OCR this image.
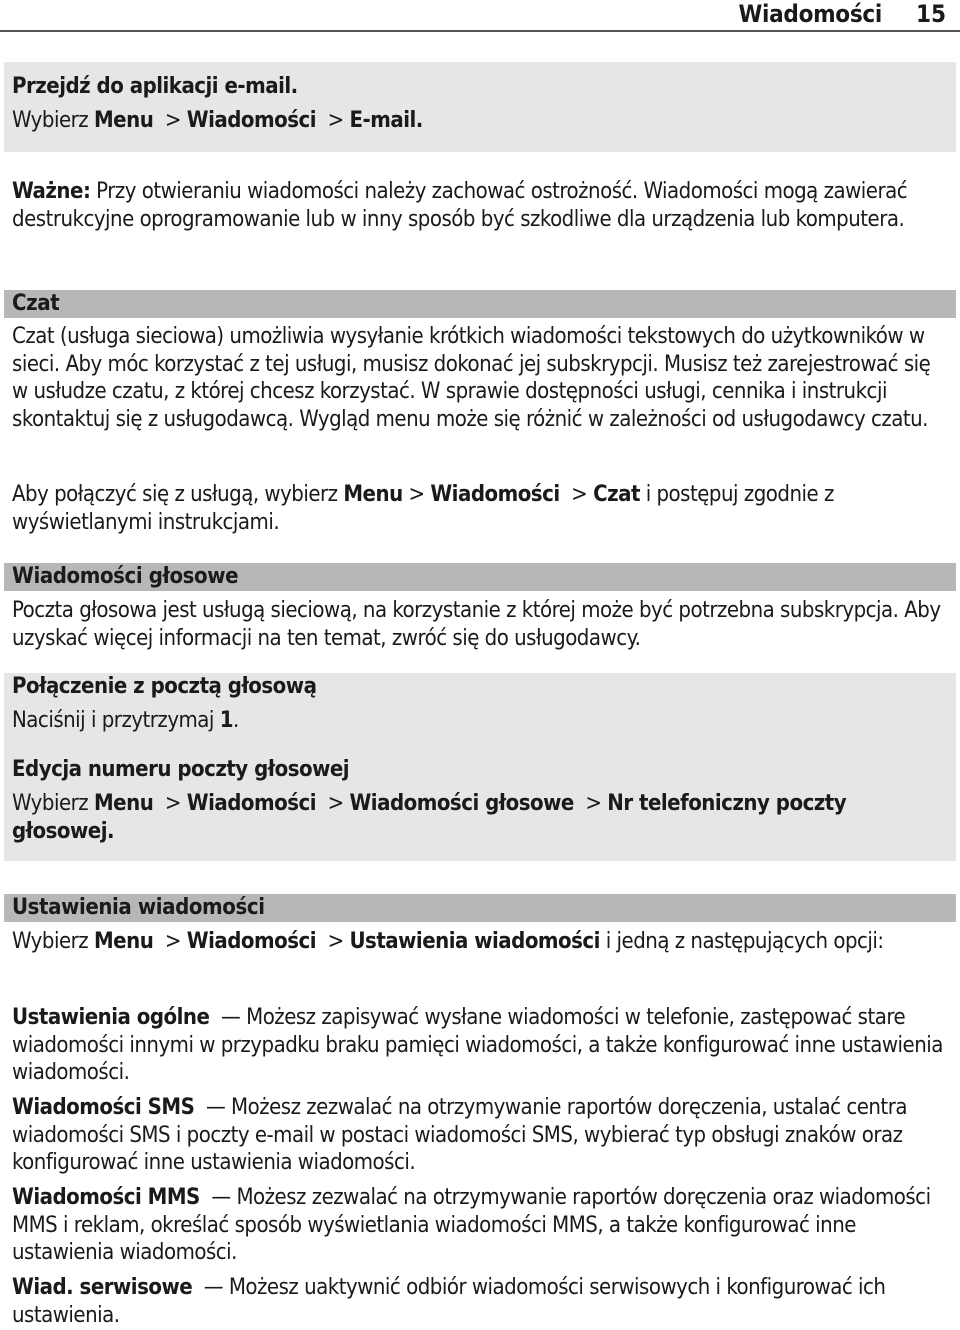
Wiadomości 15

Przejdź do aplikacji e-mail.

Wybierz Menu  > Wiadomości  > E-mail.

Ważne: Przy otwieraniu wiadomości należy zachować ostrożność. Wiadomości mogą zawierać destrukcyjne oprogramowanie lub w inny sposób być szkodliwe dla urządzenia lub komputera.

Czat

Czat (usługa sieciowa) umożliwia wysyłanie krótkich wiadomości tekstowych do użytkowników w sieci. Aby móc korzystać z tej usługi, musisz dokonać jej subskrypcji. Musisz też zarejestrować się w usłudze czatu, z której chcesz korzystać. W sprawie dostępności usługi, cennika i instrukcji skontaktuj się z usługodawcą. Wygląd menu może się różnić w zależności od usługodawcy czatu.

Aby połączyć się z usługą, wybierz Menu > Wiadomości  > Czat i postępuj zgodnie z wyświetlanymi instrukcjami.

Wiadomości głosowe

Poczta głosowa jest usługą sieciową, na korzystanie z której może być potrzebna subskrypcja. Aby uzyskać więcej informacji na ten temat, zwróć się do usługodawcy.

Połączenie z pocztą głosową

Naciśnij i przytrzymaj 1.

Edycja numeru poczty głosowej

Wybierz Menu  > Wiadomości  > Wiadomości głosowe  > Nr telefoniczny poczty głosowej.

Ustawienia wiadomości

Wybierz Menu  > Wiadomości  > Ustawienia wiadomości i jedną z następujących opcji:

Ustawienia ogólne  — Możesz zapisywać wysłane wiadomości w telefonie, zastępować stare wiadomości innymi w przypadku braku pamięci wiadomości, a także konfigurować inne ustawienia wiadomości.

Wiadomości SMS  — Możesz zezwalać na otrzymywanie raportów doręczenia, ustalać centra wiadomości SMS i poczty e-mail w postaci wiadomości SMS, wybierać typ obsługi znaków oraz konfigurować inne ustawienia wiadomości.

Wiadomości MMS  — Możesz zezwalać na otrzymywanie raportów doręczenia oraz wiadomości MMS i reklam, określać sposób wyświetlania wiadomości MMS, a także konfigurować inne ustawienia wiadomości.

Wiad. serwisowe  — Możesz uaktywnić odbiór wiadomości serwisowych i konfigurować ich ustawienia.
